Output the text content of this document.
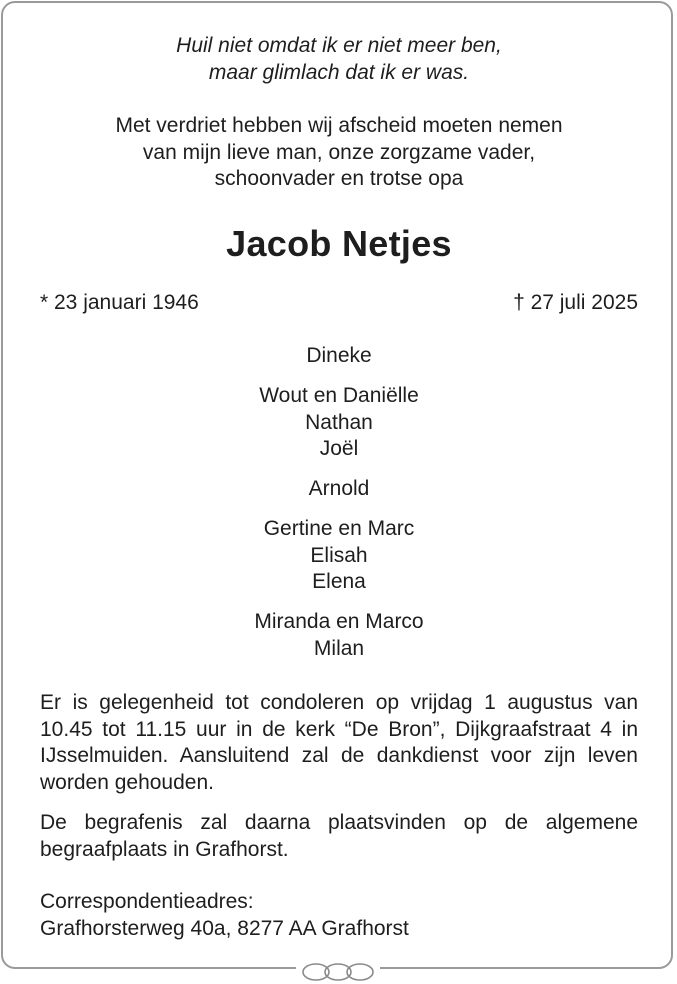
Huil niet omdat ik er niet meer ben,
maar glimlach dat ik er was.
Met verdriet hebben wij afscheid moeten nemen
van mijn lieve man, onze zorgzame vader,
schoonvader en trotse opa
Jacob Netjes
* 23 januari 1946	† 27 juli 2025
Dineke
Wout en Daniëlle
Nathan
Joël
Arnold
Gertine en Marc
Elisah
Elena
Miranda en Marco
Milan
Er is gelegenheid tot condoleren op vrijdag 1 augustus van 10.45 tot 11.15 uur in de kerk “De Bron”, Dijkgraafstraat 4 in IJsselmuiden. Aansluitend zal de dankdienst voor zijn leven worden gehouden.
De begrafenis zal daarna plaatsvinden op de algemene begraafplaats in Grafhorst.
Correspondentieadres:
Grafhorsterweg 40a, 8277 AA Grafhorst
